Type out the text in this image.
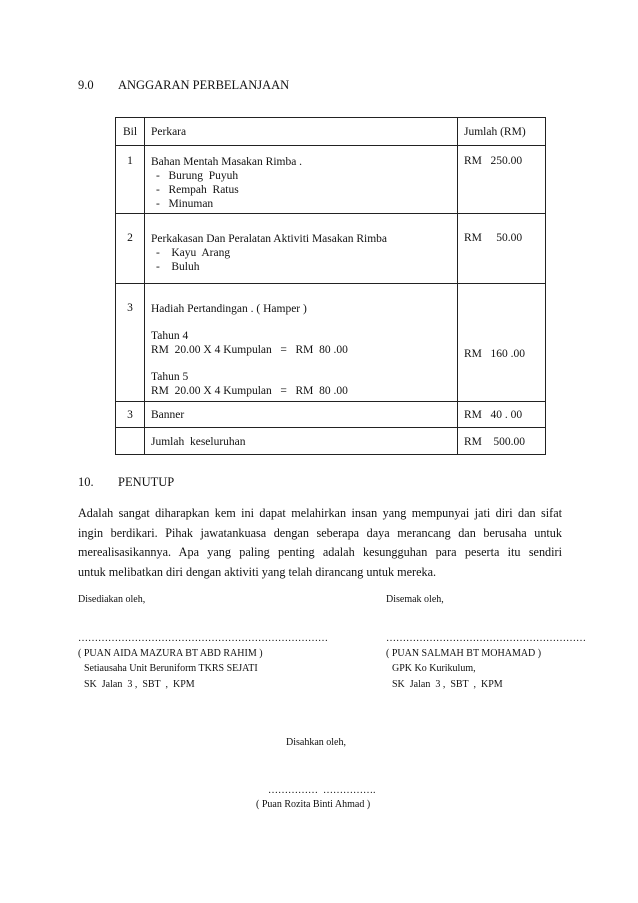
9.0 ANGGARAN PERBELANJAAN
Bil	Perkara	Jumlah (RM)
1	Bahan Mentah Masakan Rimba .
-   Burung  Puyuh
-   Rempah  Ratus
-   Minuman	RM   250.00
2	Perkakasan Dan Peralatan Aktiviti Masakan Rimba
-    Kayu  Arang
-    Buluh	RM     50.00
3	Hadiah Pertandingan . ( Hamper )
Tahun 4
RM  20.00 X 4 Kumpulan   =   RM  80 .00
Tahun 5
RM  20.00 X 4 Kumpulan   =   RM  80 .00	RM   160 .00
3	Banner	RM   40 . 00
	Jumlah  keseluruhan	RM    500.00
10. PENUTUP
Adalah sangat diharapkan kem ini dapat melahirkan insan yang mempunyai jati diri dan sifat
ingin berdikari. Pihak jawatankuasa dengan seberapa daya merancang dan berusaha untuk
merealisasikannya. Apa yang paling penting adalah kesungguhan para peserta itu sendiri
untuk melibatkan diri dengan aktiviti yang telah dirancang untuk mereka.
Disediakan oleh,
…………………………………………………………………
( PUAN AIDA MAZURA BT ABD RAHIM )
Setiausaha Unit Beruniform TKRS SEJATI
SK  Jalan  3 ,  SBT  ,  KPM
Disemak oleh,
……………………………………………………
( PUAN SALMAH BT MOHAMAD )
GPK Ko Kurikulum,
SK  Jalan  3 ,  SBT  ,  KPM
Disahkan oleh,
……………  …………….
( Puan Rozita Binti Ahmad )
